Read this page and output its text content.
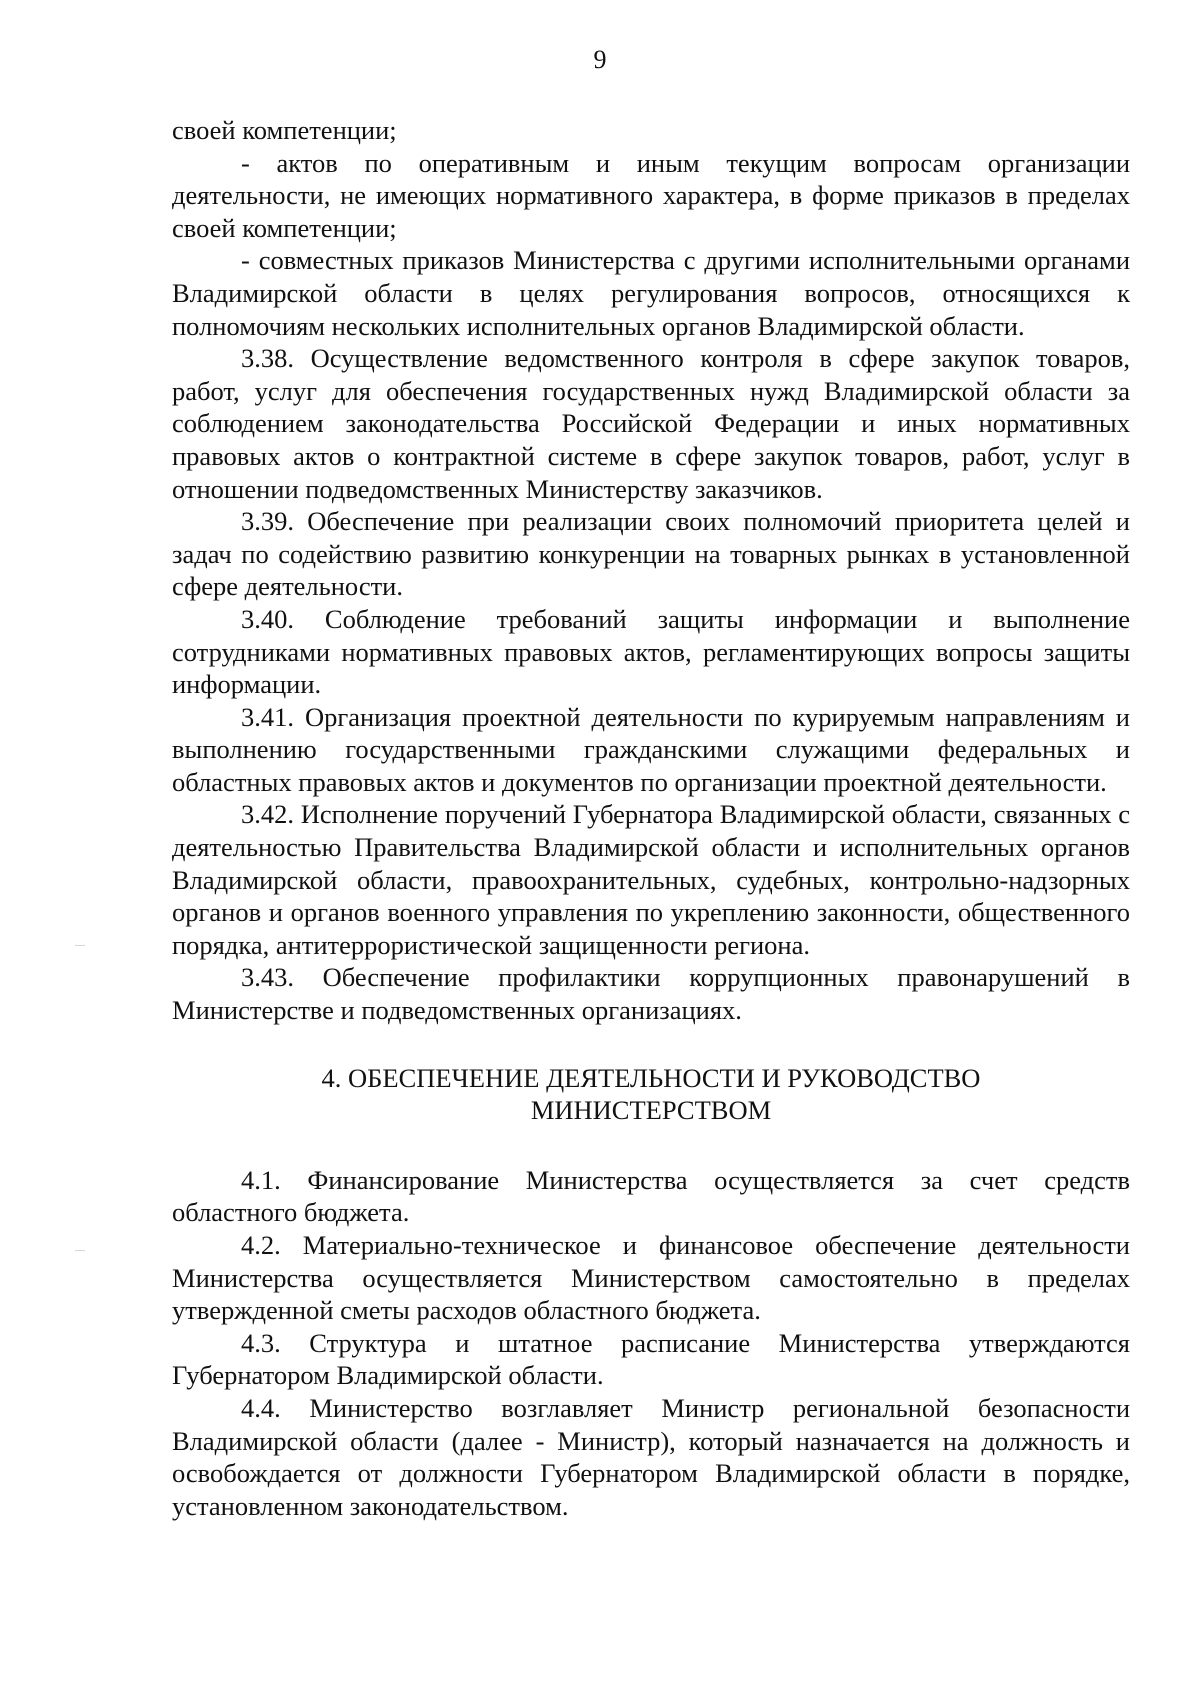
9

своей компетенции;

- актов по оперативным и иным текущим вопросам организации деятельности, не имеющих нормативного характера, в форме приказов в пределах своей компетенции;

- совместных приказов Министерства с другими исполнительными органами Владимирской области в целях регулирования вопросов, относящихся к полномочиям нескольких исполнительных органов Владимирской области.

3.38. Осуществление ведомственного контроля в сфере закупок товаров, работ, услуг для обеспечения государственных нужд Владимирской области за соблюдением законодательства Российской Федерации и иных нормативных правовых актов о контрактной системе в сфере закупок товаров, работ, услуг в отношении подведомственных Министерству заказчиков.

3.39. Обеспечение при реализации своих полномочий приоритета целей и задач по содействию развитию конкуренции на товарных рынках в установленной сфере деятельности.

3.40. Соблюдение требований защиты информации и выполнение сотрудниками нормативных правовых актов, регламентирующих вопросы защиты информации.

3.41. Организация проектной деятельности по курируемым направлениям и выполнению государственными гражданскими служащими федеральных и областных правовых актов и документов по организации проектной деятельности.

3.42. Исполнение поручений Губернатора Владимирской области, связанных с деятельностью Правительства Владимирской области и исполнительных органов Владимирской области, правоохранительных, судебных, контрольно-надзорных органов и органов военного управления по укреплению законности, общественного порядка, антитеррористической защищенности региона.

3.43. Обеспечение профилактики коррупционных правонарушений в Министерстве и подведомственных организациях.

4. ОБЕСПЕЧЕНИЕ ДЕЯТЕЛЬНОСТИ И РУКОВОДСТВО
МИНИСТЕРСТВОМ

4.1. Финансирование Министерства осуществляется за счет средств областного бюджета.

4.2. Материально-техническое и финансовое обеспечение деятельности Министерства осуществляется Министерством самостоятельно в пределах утвержденной сметы расходов областного бюджета.

4.3. Структура и штатное расписание Министерства утверждаются Губернатором Владимирской области.

4.4. Министерство возглавляет Министр региональной безопасности Владимирской области (далее - Министр), который назначается на должность и освобождается от должности Губернатором Владимирской области в порядке, установленном законодательством.
